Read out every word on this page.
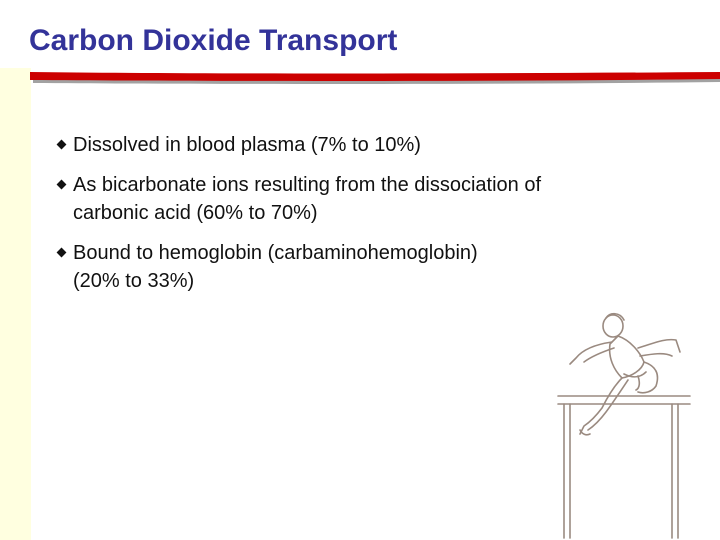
Carbon Dioxide Transport
Dissolved in blood plasma (7% to 10%)
As bicarbonate ions resulting from the dissociation of
carbonic acid (60% to 70%)
Bound to hemoglobin (carbaminohemoglobin)
(20% to 33%)
